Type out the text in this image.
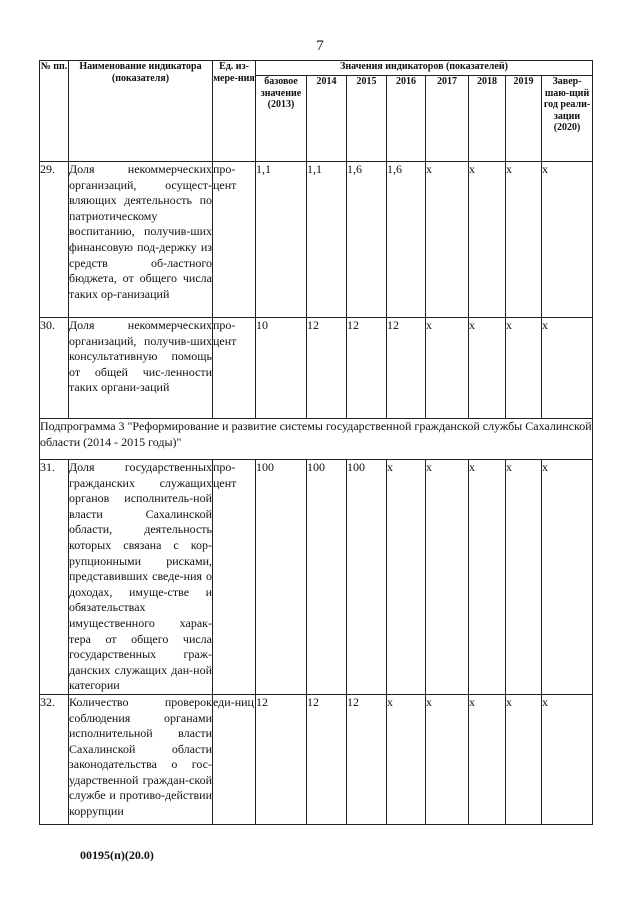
7
№ пп.	Наименование индикатора (показателя)	Ед. из-мере-ния	Значения индикаторов (показателей)							
			базовое значение (2013)	2014	2015	2016	2017	2018	2019	Завер-шаю-щий год реали-зации (2020)
29.	Доля некоммерческих организаций, осущест-вляющих деятельность по патриотическому воспитанию, получив-ших финансовую под-держку из средств об-ластного бюджета, от общего числа таких ор-ганизаций	про-цент	1,1	1,1	1,6	1,6	x	x	x	x
30.	Доля некоммерческих организаций, получив-ших консультативную помощь от общей чис-ленности таких органи-заций	про-цент	10	12	12	12	x	x	x	x
Подпрограмма 3 "Реформирование и развитие системы государственной гражданской службы Сахалинской области (2014 - 2015 годы)"										
31.	Доля государственных гражданских служащих органов исполнитель-ной власти Сахалинской области, деятельность которых связана с кор-рупционными рисками, представивших сведе-ния о доходах, имуще-стве и обязательствах имущественного харак-тера от общего числа государственных граж-данских служащих дан-ной категории	про-цент	100	100	100	x	x	x	x	x
32.	Количество проверок соблюдения органами исполнительной власти Сахалинской области законодательства о гос-ударственной граждан-ской службе и противо-действии коррупции	еди-ниц	12	12	12	x	x	x	x	x
00195(п)(20.0)
